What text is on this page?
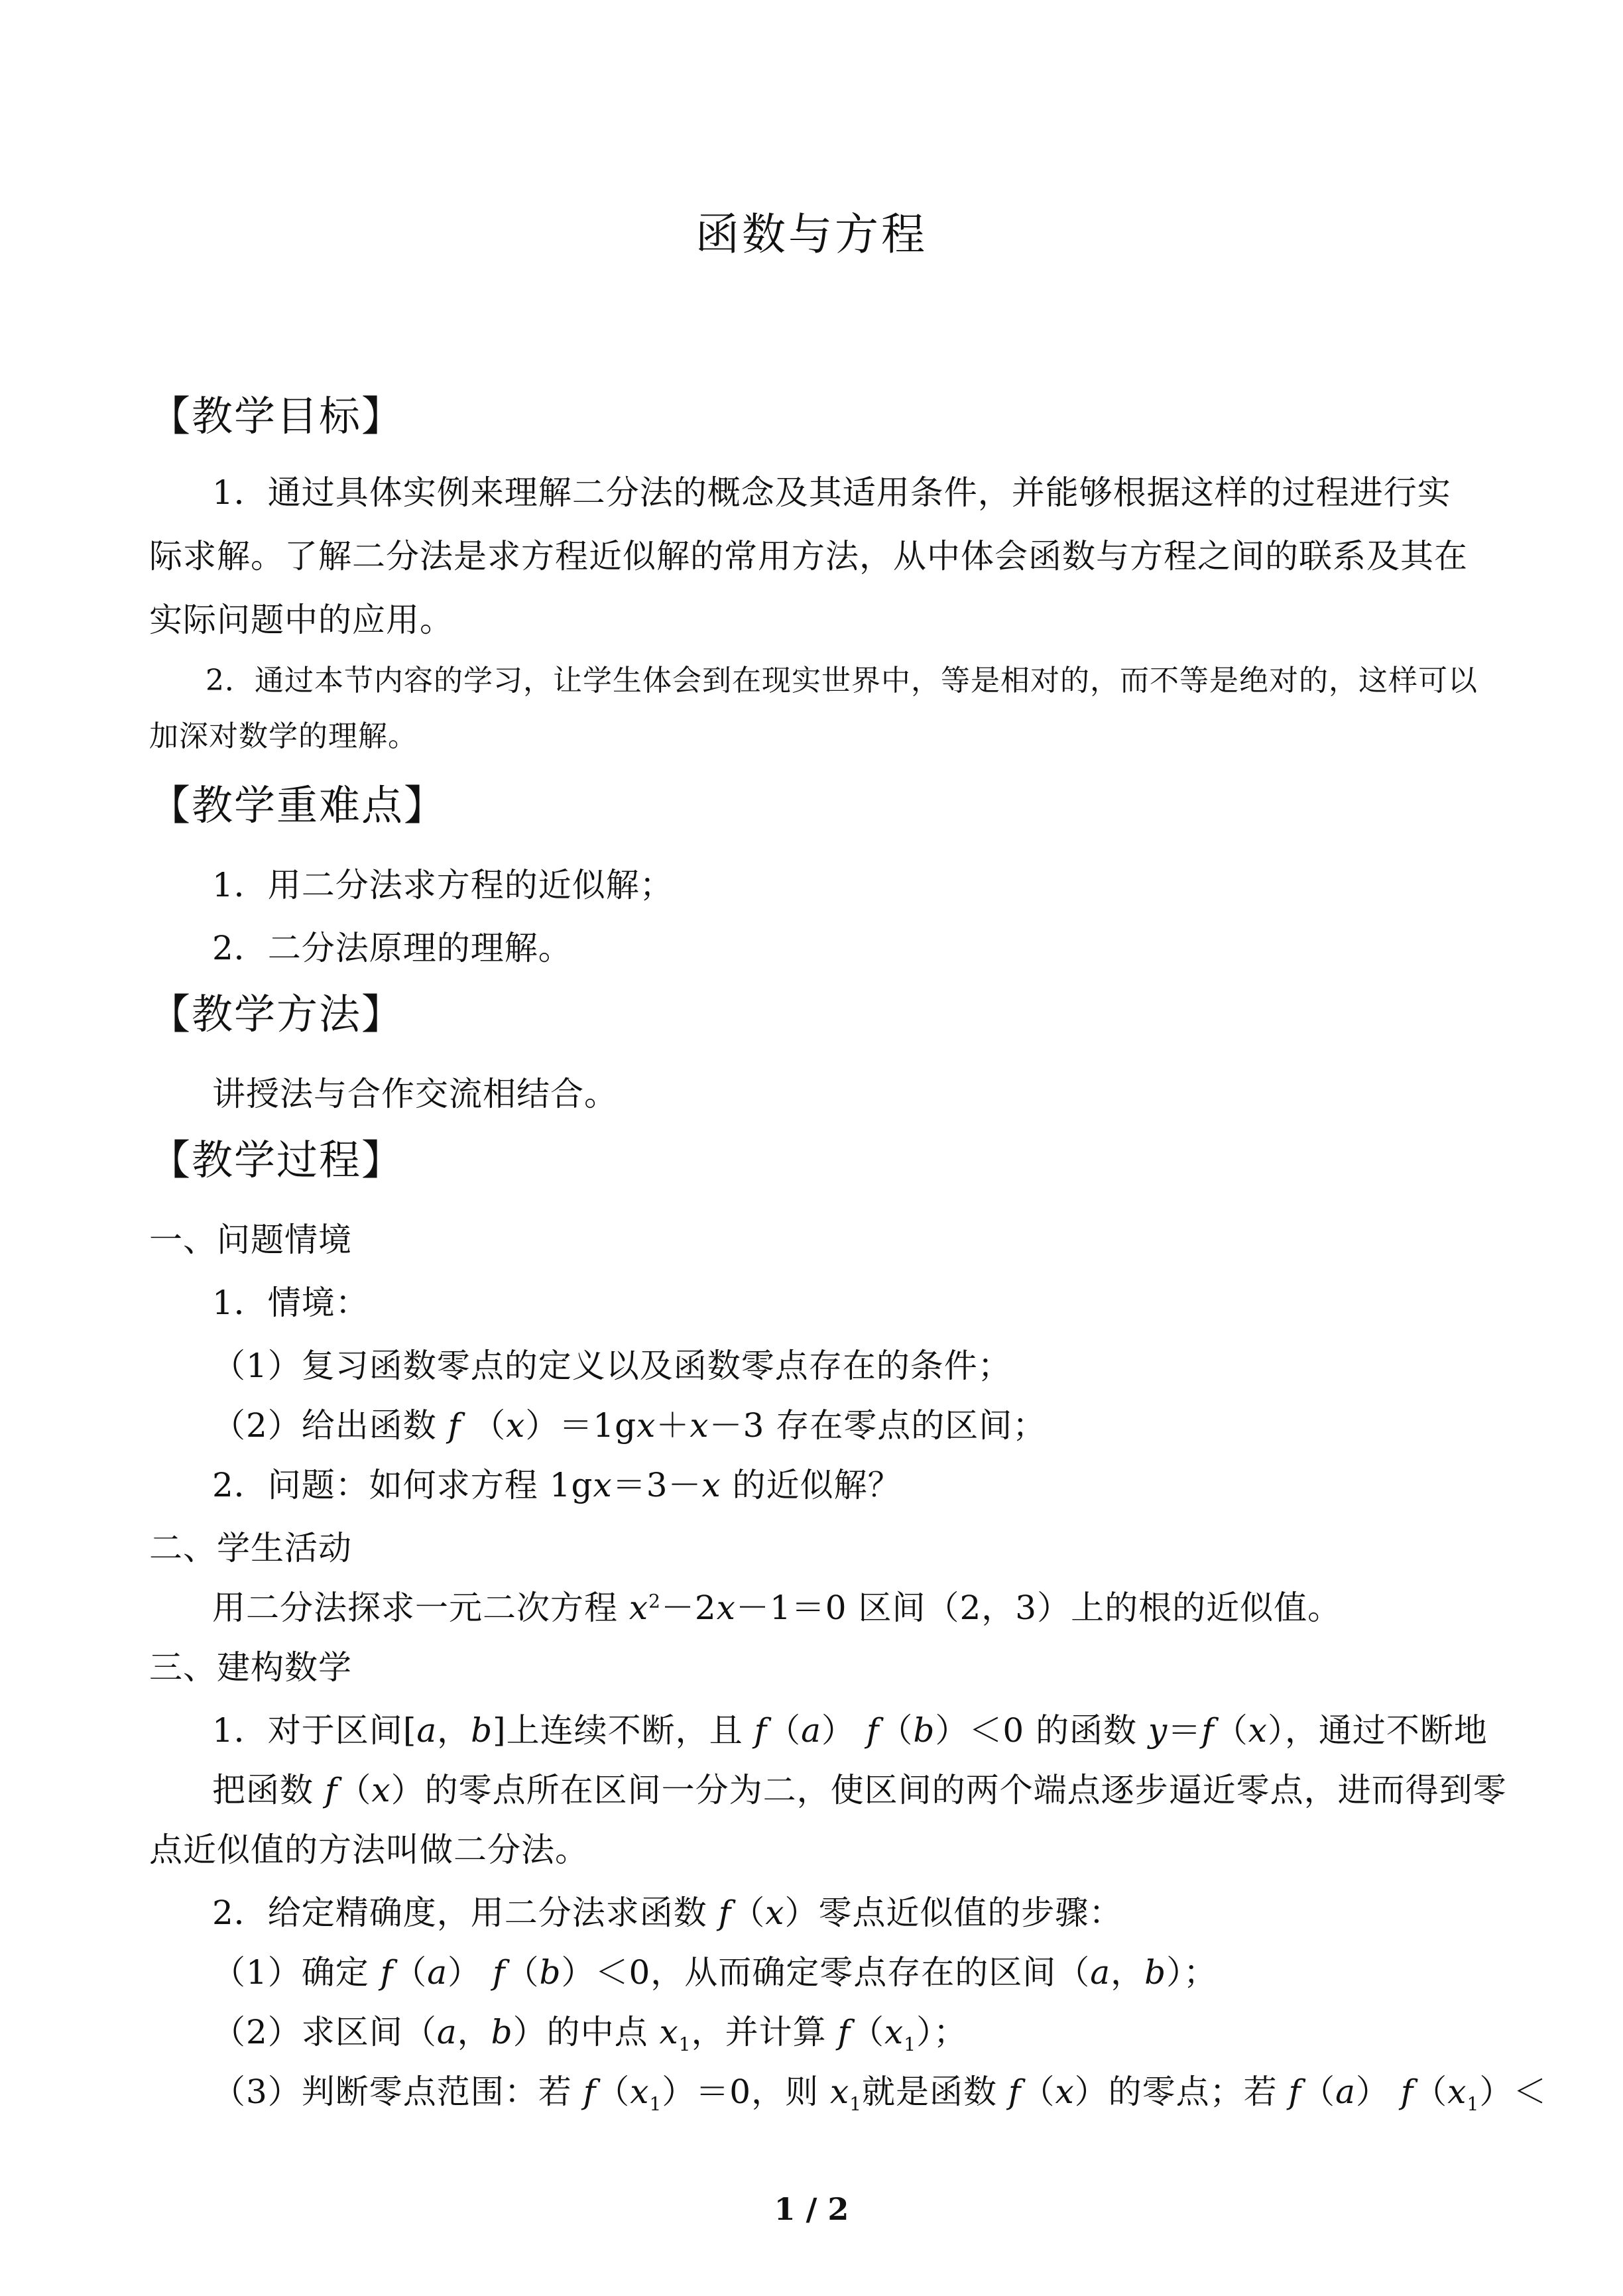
函数与方程
【教学目标】
1．通过具体实例来理解二分法的概念及其适用条件，并能够根据这样的过程进行实际求解。了解二分法是求方程近似解的常用方法，从中体会函数与方程之间的联系及其在实际问题中的应用。
2．通过本节内容的学习，让学生体会到在现实世界中，等是相对的，而不等是绝对的，这样可以加深对数学的理解。
【教学重难点】
1．用二分法求方程的近似解；
2．二分法原理的理解。
【教学方法】
讲授法与合作交流相结合。
【教学过程】
一、问题情境
1．情境：
（1）复习函数零点的定义以及函数零点存在的条件；
（2）给出函数 f （x）＝1gx＋x－3 存在零点的区间；
2．问题：如何求方程 1gx＝3－x 的近似解？
二、学生活动
用二分法探求一元二次方程 $x^2-2x-1=0$ 区间（2，3）上的根的近似值。
三、建构数学
1．对于区间[a，b]上连续不断，且 f（a） f（b）＜0 的函数 y＝f（x），通过不断地
把函数 f（x）的零点所在区间一分为二，使区间的两个端点逐步逼近零点，进而得到零
点近似值的方法叫做二分法。
2．给定精确度，用二分法求函数 f（x）零点近似值的步骤：
（1）确定 f（a） f（b）＜0，从而确定零点存在的区间（a，b）；
（2）求区间（a，b）的中点 $x_1$，并计算 $f(x_1)$；
（3）判断零点范围：若 $f(x_1)=0$，则 $x_1$就是函数 f（x）的零点；若 f（a） $f(x_1)<$
1 / 2
